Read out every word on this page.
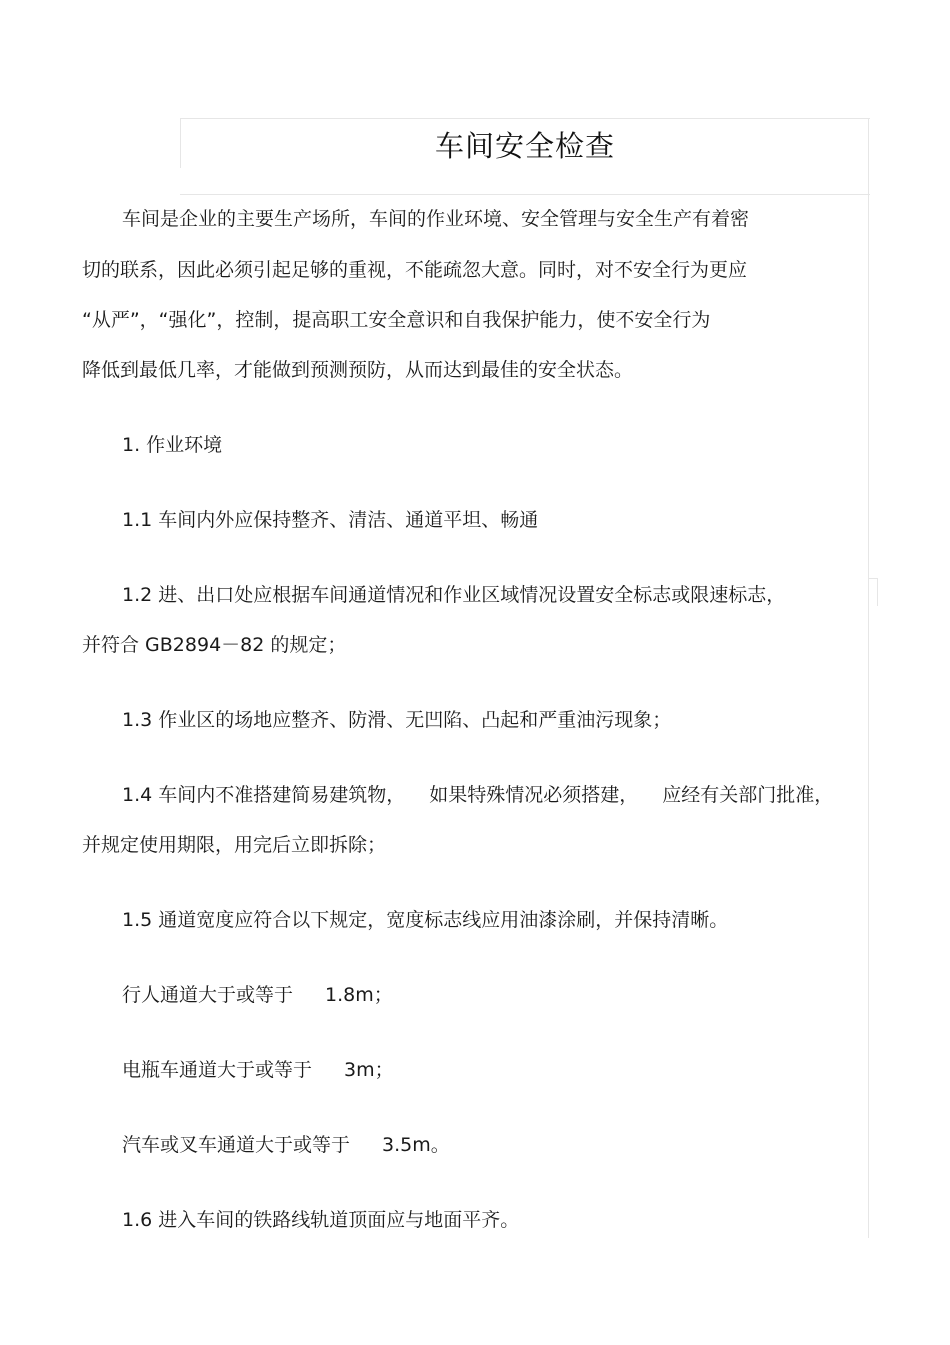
车间安全检查

车间是企业的主要生产场所，车间的作业环境、安全管理与安全生产有着密

切的联系，因此必须引起足够的重视，不能疏忽大意。同时，对不安全行为更应

“从严”，“强化”，控制，提高职工安全意识和自我保护能力，使不安全行为

降低到最低几率，才能做到预测预防，从而达到最佳的安全状态。

1. 作业环境

1.1 车间内外应保持整齐、清洁、通道平坦、畅通

1.2 进、出口处应根据车间通道情况和作业区域情况设置安全标志或限速标志，

并符合 GB2894－82 的规定；

1.3 作业区的场地应整齐、防滑、无凹陷、凸起和严重油污现象；

1.4 车间内不准搭建简易建筑物， 如果特殊情况必须搭建， 应经有关部门批准，

并规定使用期限，用完后立即拆除；

1.5 通道宽度应符合以下规定，宽度标志线应用油漆涂刷，并保持清晰。

行人通道大于或等于 1.8m；

电瓶车通道大于或等于 3m；

汽车或叉车通道大于或等于 3.5m。

1.6 进入车间的铁路线轨道顶面应与地面平齐。
